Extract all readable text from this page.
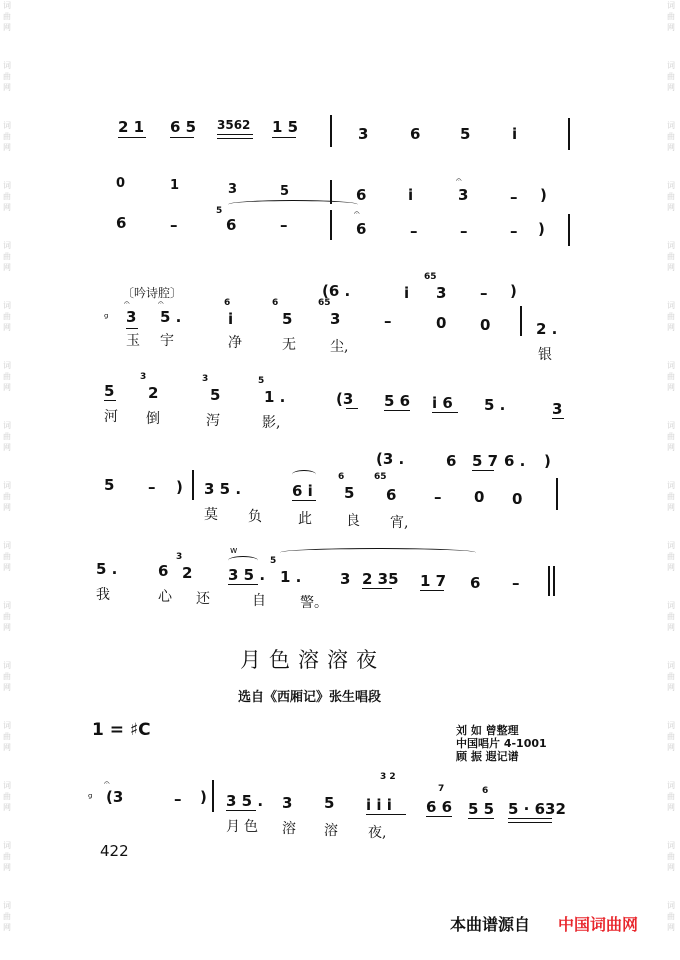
词
曲
网
词
曲
网
词
曲
网
词
曲
网
词
曲
网
词
曲
网
词
曲
网
词
曲
网
词
曲
网
词
曲
网
词
曲
网
词
曲
网
词
曲
网
词
曲
网
词
曲
网
词
曲
网
词
曲
网
词
曲
网
词
曲
网
词
曲
网
词
曲
网
词
曲
网
词
曲
网
词
曲
网
词
曲
网
词
曲
网
词
曲
网
词
曲
网
词
曲
网
词
曲
网
词
曲
网
词
曲
网
2 1 6 5 3562 1 5	3	6	5	i
0	1	3	5	6	i	3	– )
𝄐
6	–
5
6	–	6	–	–	– )
𝄐
〔吟诗腔〕	(6 .	i
65
3 – )
ᵍ 3 5 .
6
i
6
5
65
3	–	0 0	2 .
𝄐	𝄐
玉 宇	净	无 尘,	银
5
3
2
3
5
5
1 .	(3 5 6 i 6 5 .	3
河 倒	泻	影,
(3 .	6 5 7 6 . )
5 – ) 3 5 .	6 i
6
5
65
6	– 0 0
莫 负	此 良 宵,
5 .	6
3
2 3 5 .
5
1 .	3 2 35 1 7 6 –
w
我	心 还	自 警。
月色溶溶夜
选自《西厢记》张生唱段
1 = ♯C	刘 如 曾整理
中国唱片 4-1001
顾 振 遐记谱
ᵍ (3	– ) 3 5 . 3 5
3 2
i i i
7
6 6
6
5 5 5 · 632
𝄐
月 色 溶 溶 夜,
422
本曲谱源自 中国词曲网
